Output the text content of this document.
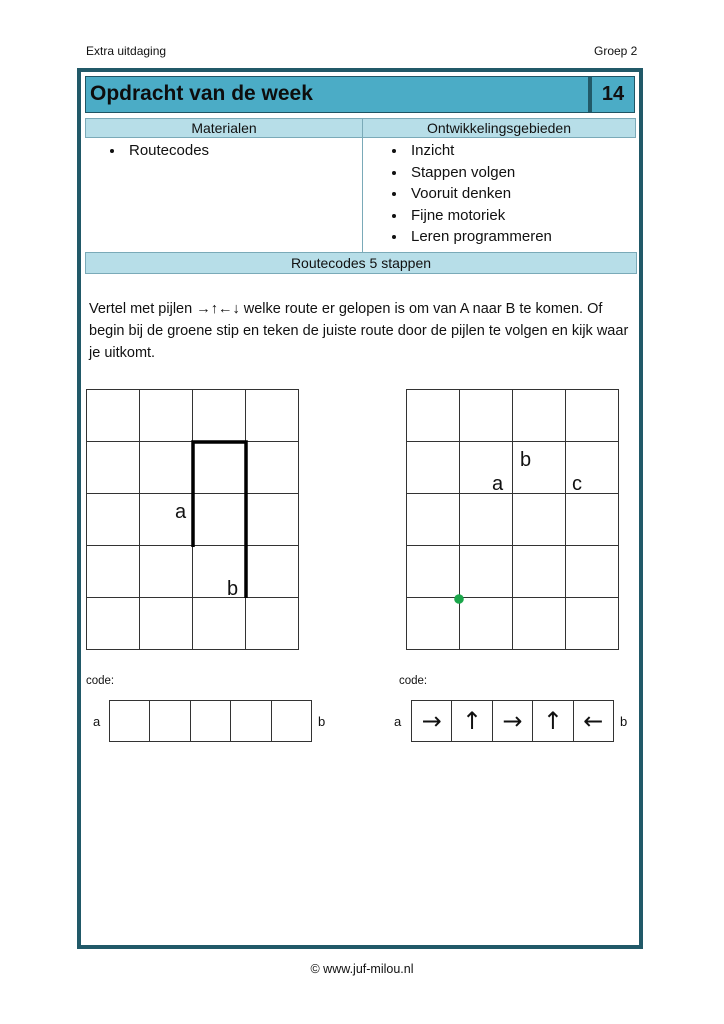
Extra uitdaging	Groep 2
Opdracht van de week	14
Materialen	Ontwikkelingsgebieden
• Routecodes
•	Inzicht
• Stappen volgen
• Vooruit denken
• Fijne motoriek
• Leren programmeren
Routecodes 5 stappen
Vertel met pijlen →↑←↓ welke route er gelopen is om van A naar B te komen. Of begin bij de groene stip en teken de juiste route door de pijlen te volgen en kijk waar je uitkomt.
a
b
a
b
c
code:
a	b
code:
a → ↑ → ↑ ←	b
© www.juf-milou.nl
